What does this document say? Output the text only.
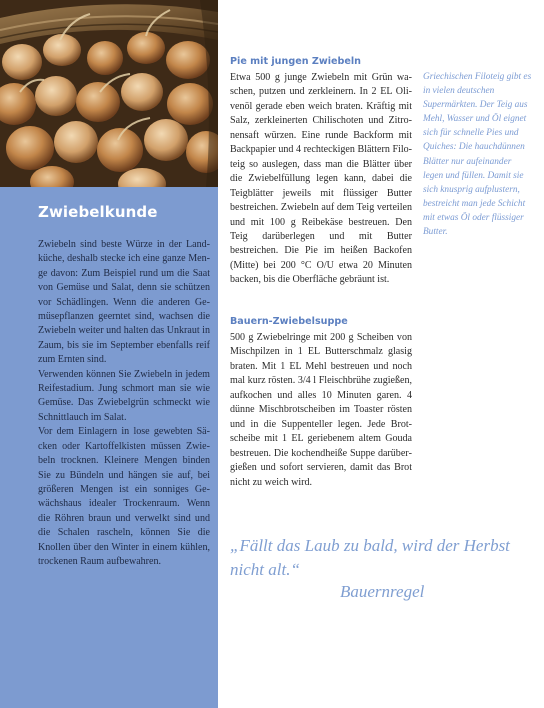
Zwiebelkunde

Zwiebeln sind beste Würze in der Landküche, deshalb stecke ich eine ganze Menge davon: Zum Beispiel rund um die Saat von Gemüse und Salat, denn sie schützen vor Schädlingen. Wenn die anderen Gemüsepflanzen geerntet sind, wachsen die Zwiebeln weiter und halten das Unkraut in Zaum, bis sie im September ebenfalls reif zum Ernten sind.

Verwenden können Sie Zwiebeln in jedem Reifestadium. Jung schmort man sie wie Gemüse. Das Zwiebelgrün schmeckt wie Schnittlauch im Salat.

Vor dem Einlagern in lose gewebten Säcken oder Kartoffelkisten müssen Zwiebeln trocknen. Kleinere Mengen binden Sie zu Bündeln und hängen sie auf, bei größeren Mengen ist ein sonniges Gewächshaus idealer Trockenraum. Wenn die Röhren braun und verwelkt sind und die Schalen rascheln, können Sie die Knollen über den Winter in einem kühlen, trockenen Raum aufbewahren.

Pie mit jungen Zwiebeln

Etwa 500 g junge Zwiebeln mit Grün waschen, putzen und zerkleinern. In 2 EL Olivenöl gerade eben weich braten. Kräftig mit Salz, zerkleinerten Chilischoten und Zitronensaft würzen. Eine runde Backform mit Backpapier und 4 rechteckigen Blättern Filoteig so auslegen, dass man die Blätter über die Zwiebelfüllung legen kann, dabei die Teigblätter jeweils mit flüssiger Butter bestreichen. Zwiebeln auf dem Teig verteilen und mit 100 g Reibekäse bestreuen. Den Teig darüberlegen und mit Butter bestreichen. Die Pie im heißen Backofen (Mitte) bei 200 °C O/U etwa 20 Minuten backen, bis die Oberfläche gebräunt ist.

Bauern-Zwiebelsuppe

500 g Zwiebelringe mit 200 g Scheiben von Mischpilzen in 1 EL Butterschmalz glasig braten. Mit 1 EL Mehl bestreuen und noch mal kurz rösten. 3/4 l Fleischbrühe zugießen, aufkochen und alles 10 Minuten garen. 4 dünne Mischbrotscheiben im Toaster rösten und in die Suppenteller legen. Jede Brotscheibe mit 1 EL geriebenem altem Gouda bestreuen. Die kochendheiße Suppe darübergießen und sofort servieren, damit das Brot nicht zu weich wird.

Griechischen Filoteig gibt es in vielen deutschen Supermärkten. Der Teig aus Mehl, Wasser und Öl eignet sich für schnelle Pies und Quiches: Die hauchdünnen Blätter nur aufeinander legen und füllen. Damit sie sich knusprig aufplustern, bestreicht man jede Schicht mit etwas Öl oder flüssiger Butter.

„Fällt das Laub zu bald, wird der Herbst nicht alt.“

Bauernregel
